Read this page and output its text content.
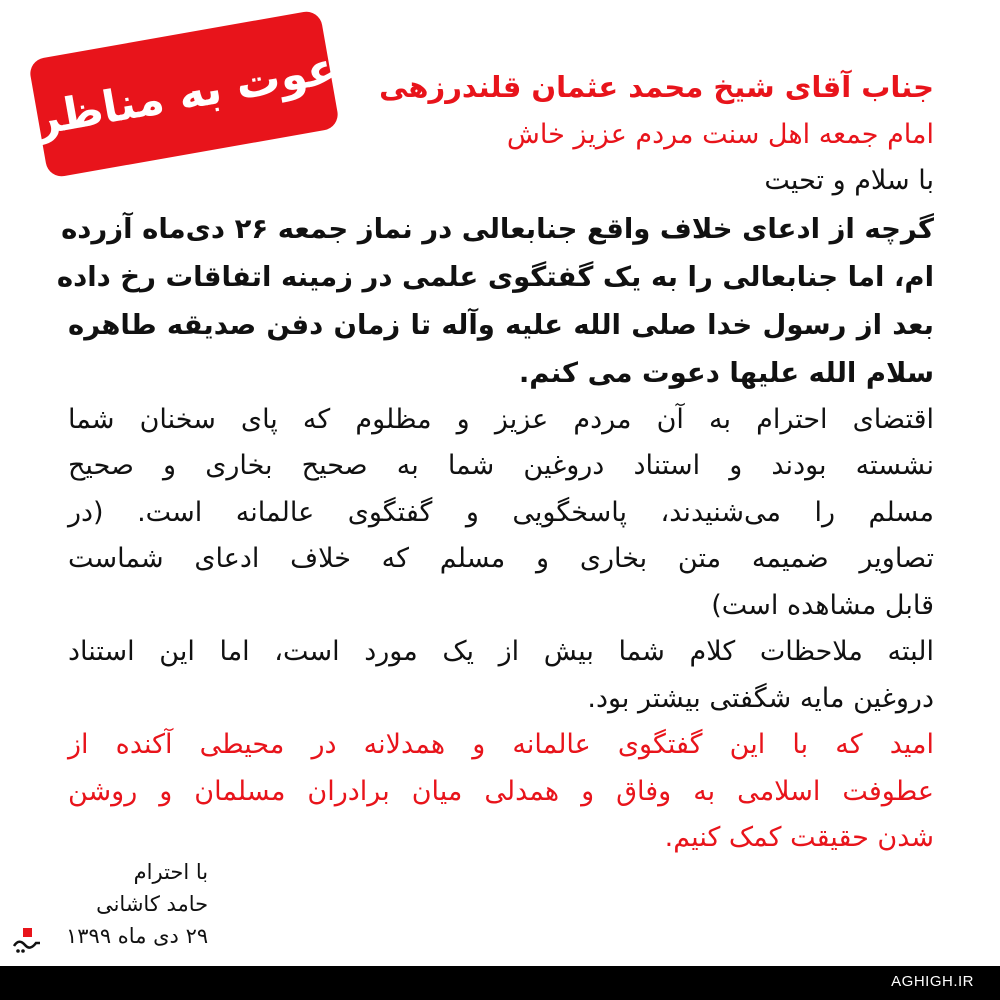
دعوت به مناظره جناب آقای شیخ محمد عثمان قلندرزهی
امام جمعه اهل سنت مردم عزیز خاش
با سلام و تحیت
گرچه از ادعای خلاف واقع جنابعالی در نماز جمعه ۲۶ دی‌ماه آزرده
ام، اما جنابعالی را به یک گفتگوی علمی در زمینه اتفاقات رخ داده
بعد از رسول خدا صلی الله علیه وآله تا زمان دفن صدیقه طاهره
سلام الله علیها دعوت می کنم.
اقتضای احترام به آن مردم عزیز و مظلوم که پای سخنان شما
نشسته بودند و استناد دروغین شما به صحیح بخاری و صحیح
مسلم را می‌شنیدند، پاسخگویی و گفتگوی عالمانه است. (در
تصاویر ضمیمه متن بخاری و مسلم که خلاف ادعای شماست
قابل مشاهده است)
البته ملاحظات کلام شما بیش از یک مورد است، اما این استناد
دروغین مایه شگفتی بیشتر بود.
امید که با این گفتگوی عالمانه و همدلانه در محیطی آکنده از
عطوفت اسلامی به وفاق و همدلی میان برادران مسلمان و روشن
شدن حقیقت کمک کنیم.
با احترام
حامد کاشانی
۲۹ دی ماه ۱۳۹۹
AGHIGH.IR
